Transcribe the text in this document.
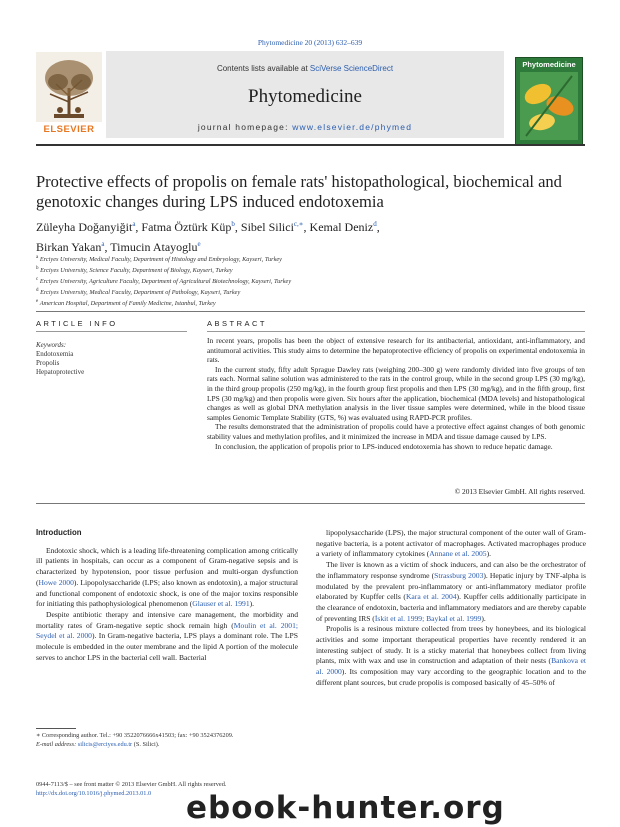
Phytomedicine 20 (2013) 632–639
Contents lists available at SciVerse ScienceDirect
Phytomedicine
journal homepage: www.elsevier.de/phymed
ELSEVIER
Phytomedicine
Protective effects of propolis on female rats' histopathological, biochemical and genotoxic changes during LPS induced endotoxemia
Züleyha Doğanyiğit$^a$, Fatma Öztürk Küp$^b$, Sibel Silici$^{c,∗}$, Kemal Deniz$^d$,
Birkan Yakan$^a$, Timucin Atayoglu$^e$
$^a$ Erciyes University, Medical Faculty, Department of Histology and Embryology, Kayseri, Turkey
$^b$ Erciyes University, Science Faculty, Department of Biology, Kayseri, Turkey
$^c$ Erciyes University, Agriculture Faculty, Department of Agricultural Biotechnology, Kayseri, Turkey
$^d$ Erciyes University, Medical Faculty, Department of Pathology, Kayseri, Turkey
$^e$ American Hospital, Department of Family Medicine, Istanbul, Turkey
ARTICLE INFO	ABSTRACT
Keywords:
Endotoxemia
Propolis
Hepatoprotective

In recent years, propolis has been the object of extensive research for its antibacterial, antioxidant, anti-inflammatory, and antitumoral activities. This study aims to determine the hepatoprotective efficiency of propolis on experimental endotoxemia in rats.

In the current study, fifty adult Sprague Dawley rats (weighing 200–300 g) were randomly divided into five groups of ten rats each. Normal saline solution was administered to the rats in the control group, while in the second group LPS (30 mg/kg), in the third group propolis (250 mg/kg), in the fourth group first propolis and then LPS (30 mg/kg), and in the fifth group, first LPS (30 mg/kg) and then propolis were given. Six hours after the application, biochemical (MDA levels) and histopathological changes as well as global DNA methylation analysis in the liver tissue samples were determined, while in the blood tissue samples Genomic Template Stability (GTS, %) was evaluated using RAPD-PCR profiles.

The results demonstrated that the administration of propolis could have a protective effect against changes of both genomic stability values and methylation profiles, and it minimized the increase in MDA and tissue damage caused by LPS.

In conclusion, the application of propolis prior to LPS-induced endotoxemia has shown to reduce hepatic damage.

© 2013 Elsevier GmbH. All rights reserved.
Introduction

Endotoxic shock, which is a leading life-threatening complication among critically ill patients in hospitals, can occur as a component of Gram-negative sepsis and is characterized by hypotension, poor tissue perfusion and multi-organ dysfunction (Howe 2000). Lipopolysaccharide (LPS; also known as endotoxin), a major structural and functional component of endotoxic shock, is one of the major toxins responsible for initiating this pathophysiological phenomenon (Glauser et al. 1991).

Despite antibiotic therapy and intensive care management, the morbidity and mortality rates of Gram-negative septic shock remain high (Moulin et al. 2001; Seydel et al. 2000). In Gram-negative bacteria, LPS plays a dominant role. The LPS molecule is embedded in the outer membrane and the lipid A portion of the molecule serves to anchor LPS in the bacterial cell wall. Bacterial

lipopolysaccharide (LPS), the major structural component of the outer wall of Gram-negative bacteria, is a potent activator of macrophages. Activated macrophages produce a variety of inflammatory cytokines (Annane et al. 2005).

The liver is known as a victim of shock inducers, and can also be the orchestrator of the inflammatory response syndrome (Strassburg 2003). Hepatic injury by TNF-alpha is modulated by the prevalent pro-inflammatory or anti-inflammatory mediator profile elaborated by Kupffer cells (Kara et al. 2004). Kupffer cells additionally participate in the clearance of endotoxin, bacteria and inflammatory mediators and are thereby capable of preventing IRS (İskit et al. 1999; Baykal et al. 1999).

Propolis is a resinous mixture collected from trees by honeybees, and its biological activities and some important therapeutical properties have recently rendered it an interesting subject of study. It is a sticky material that honeybees collect from living plants, mix with wax and use in construction and adaptation of their nests (Bankova et al. 2000). Its composition may vary according to the geographic location and to the different plant sources, but crude propolis is composed basically of 45–50% of

∗ Corresponding author. Tel.: +90 3522076666x41503; fax: +90 3524376209.
E-mail address: silicis@erciyes.edu.tr (S. Silici).
0944-7113/$ – see front matter © 2013 Elsevier GmbH. All rights reserved.
http://dx.doi.org/10.1016/j.phymed.2013.01.0	ebook-hunter.org
